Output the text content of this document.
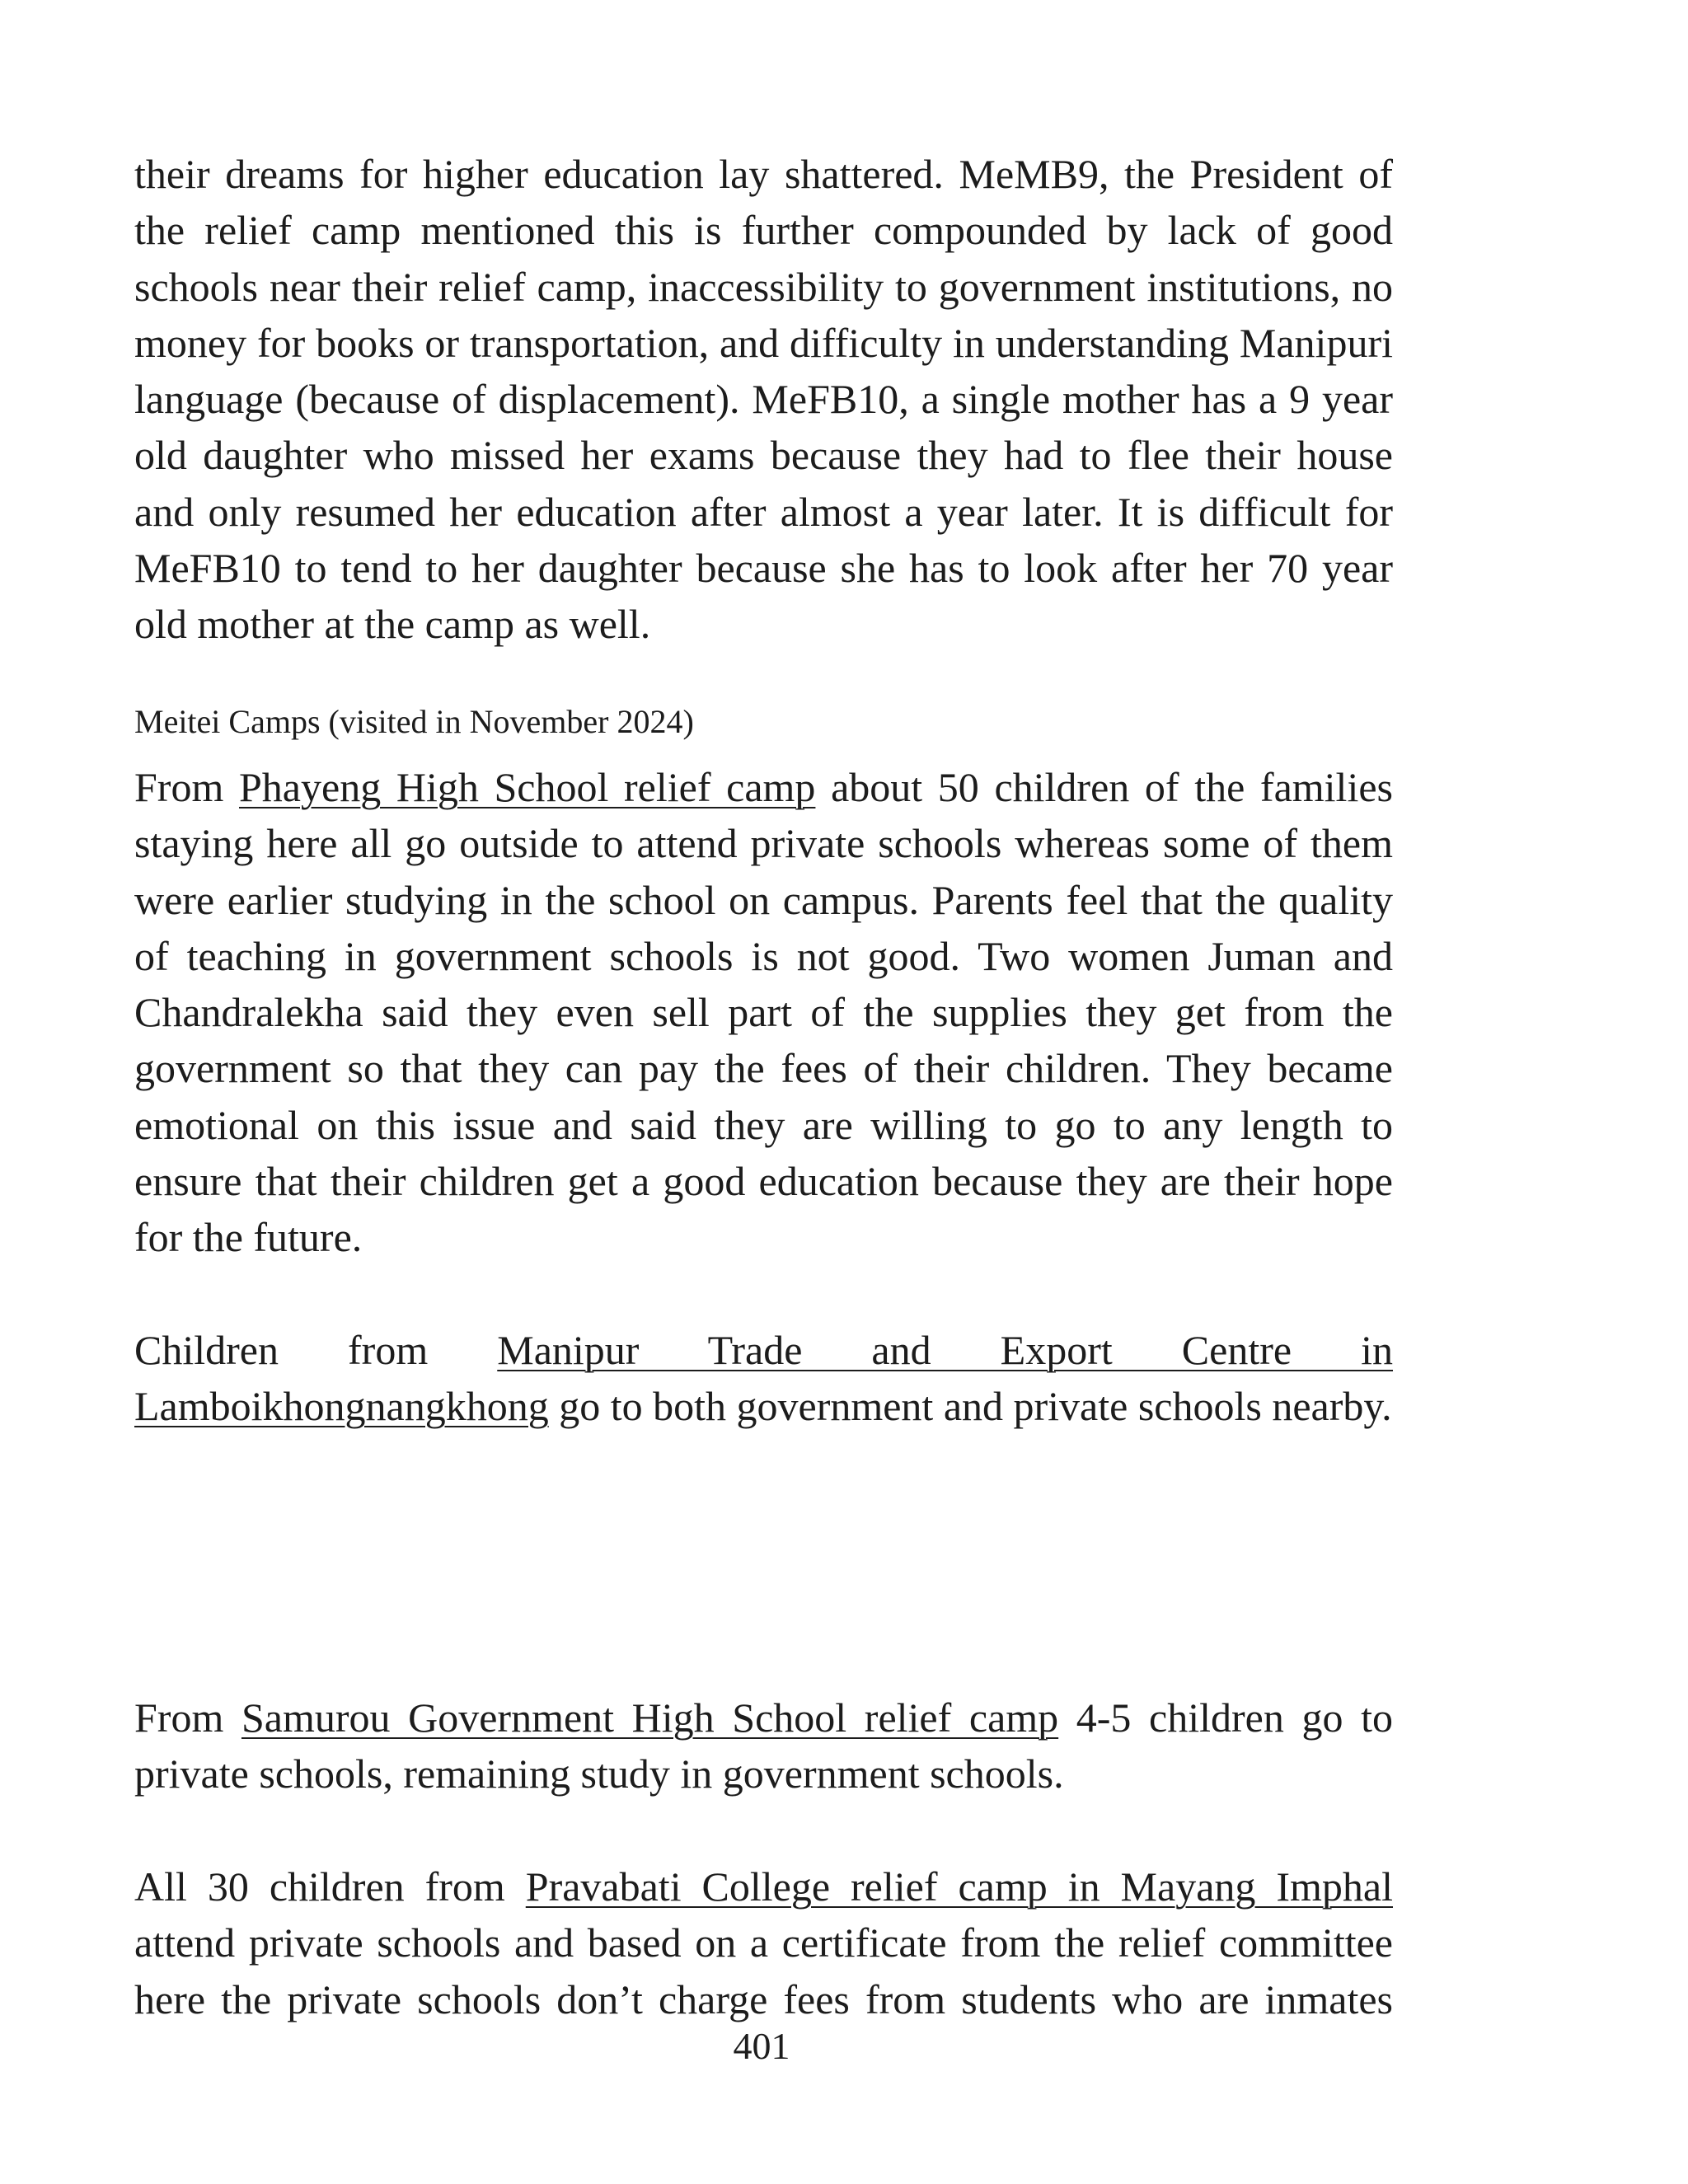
their dreams for higher education lay shattered. MeMB9, the President of the relief camp mentioned this is further compounded by lack of good schools near their relief camp, inaccessibility to government institutions, no money for books or transportation, and difficulty in understanding Manipuri language (because of displacement). MeFB10, a single mother has a 9 year old daughter who missed her exams because they had to flee their house and only resumed her education after almost a year later. It is difficult for MeFB10 to tend to her daughter because she has to look after her 70 year old mother at the camp as well.

Meitei Camps (visited in November 2024)

From Phayeng High School relief camp about 50 children of the families staying here all go outside to attend private schools whereas some of them were earlier studying in the school on campus. Parents feel that the quality of teaching in government schools is not good. Two women Juman and Chandralekha said they even sell part of the supplies they get from the government so that they can pay the fees of their children. They became emotional on this issue and said they are willing to go to any length to ensure that their children get a good education because they are their hope for the future.

Children from Manipur Trade and Export Centre in Lamboikhongnangkhong go to both government and private schools nearby.

From Samurou Government High School relief camp 4-5 children go to private schools, remaining study in government schools.

All 30 children from Pravabati College relief camp in Mayang Imphal attend private schools and based on a certificate from the relief committee here the private schools don’t charge fees from students who are inmates

401
